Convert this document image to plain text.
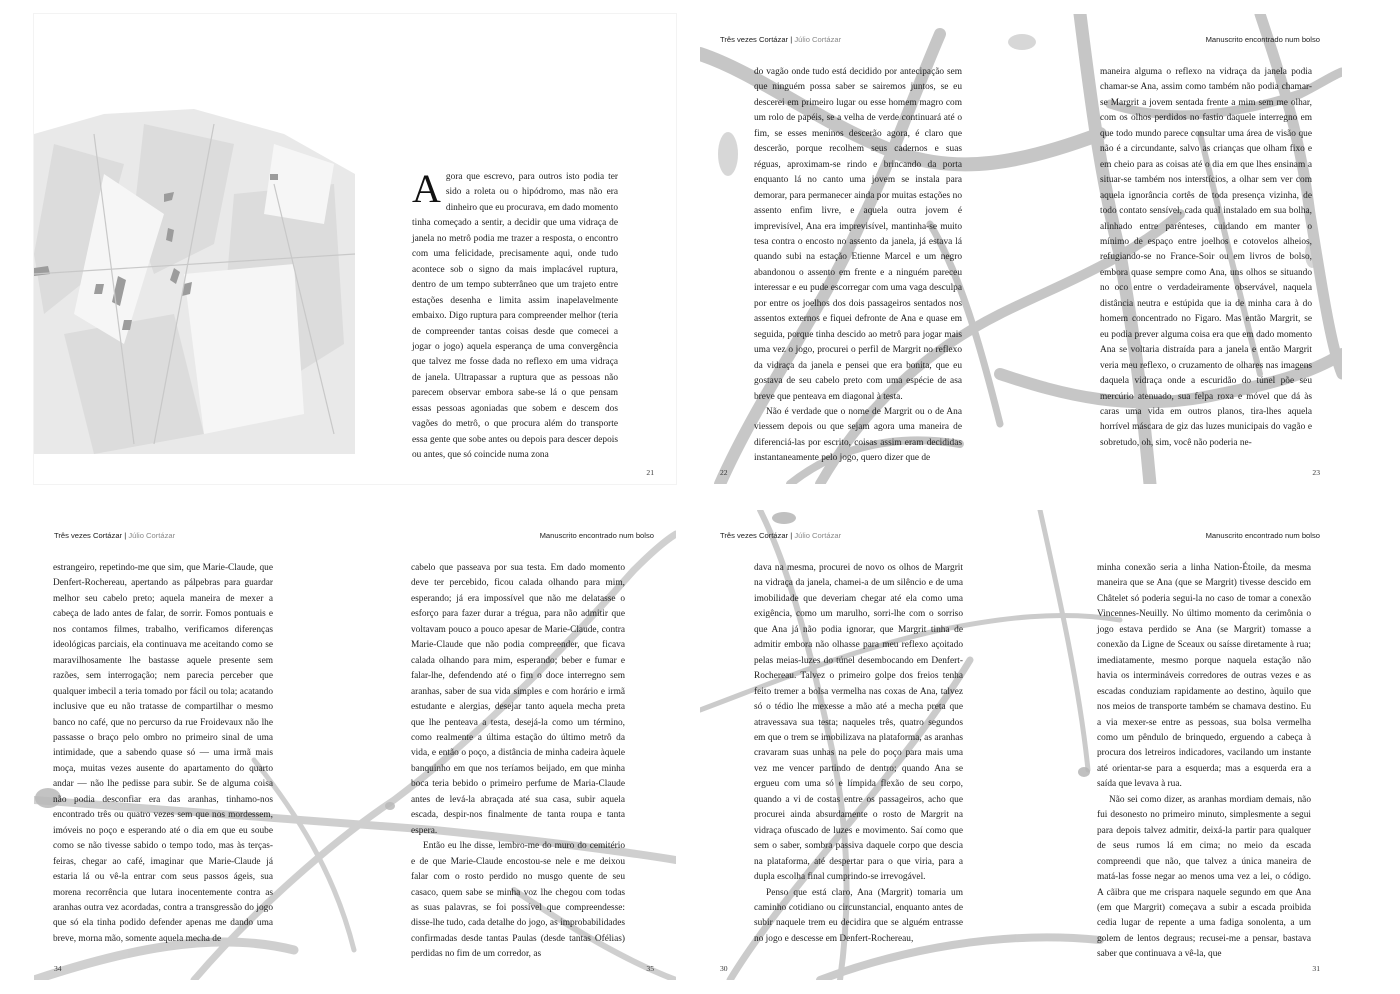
Agora que escrevo, para outros isto podia ter sido a roleta ou o hipódromo, mas não era dinheiro que eu procurava, em dado momento tinha começado a sentir, a decidir que uma vidraça de janela no metrô podia me trazer a resposta, o encontro com uma felicidade, precisamente aqui, onde tudo acontece sob o signo da mais implacável ruptura, dentro de um tempo subterrâneo que um trajeto entre estações desenha e limita assim inapelavelmente embaixo. Digo ruptura para compreender melhor (teria de compreender tantas coisas desde que comecei a jogar o jogo) aquela esperança de uma convergência que talvez me fosse dada no reflexo em uma vidraça de janela. Ultrapassar a ruptura que as pessoas não parecem observar embora sabe-se lá o que pensam essas pessoas agoniadas que sobem e descem dos vagões do metrô, o que procura além do transporte essa gente que sobe antes ou depois para descer depois ou antes, que só coincide numa zona

21
Três vezes Cortázar | Júlio Cortázar	Manuscrito encontrado num bolso

do vagão onde tudo está decidido por antecipação sem que ninguém possa saber se sairemos juntos, se eu descerei em primeiro lugar ou esse homem magro com um rolo de papéis, se a velha de verde continuará até o fim, se esses meninos descerão agora, é claro que descerão, porque recolhem seus cadernos e suas réguas, aproximam-se rindo e brincando da porta enquanto lá no canto uma jovem se instala para demorar, para permanecer ainda por muitas estações no assento enfim livre, e aquela outra jovem é imprevisível, Ana era imprevisível, mantinha-se muito tesa contra o encosto no assento da janela, já estava lá quando subi na estação Etienne Marcel e um negro abandonou o assento em frente e a ninguém pareceu interessar e eu pude escorregar com uma vaga desculpa por entre os joelhos dos dois passageiros sentados nos assentos externos e fiquei defronte de Ana e quase em seguida, porque tinha descido ao metrô para jogar mais uma vez o jogo, procurei o perfil de Margrit no reflexo da vidraça da janela e pensei que era bonita, que eu gostava de seu cabelo preto com uma espécie de asa breve que penteava em diagonal à testa.

Não é verdade que o nome de Margrit ou o de Ana viessem depois ou que sejam agora uma maneira de diferenciá-las por escrito, coisas assim eram decididas instantaneamente pelo jogo, quero dizer que de

maneira alguma o reflexo na vidraça da janela podia chamar-se Ana, assim como também não podia chamar-se Margrit a jovem sentada frente a mim sem me olhar, com os olhos perdidos no fastio daquele interregno em que todo mundo parece consultar uma área de visão que não é a circundante, salvo as crianças que olham fixo e em cheio para as coisas até o dia em que lhes ensinam a situar-se também nos interstícios, a olhar sem ver com aquela ignorância cortês de toda presença vizinha, de todo contato sensível, cada qual instalado em sua bolha, alinhado entre parênteses, cuidando em manter o mínimo de espaço entre joelhos e cotovelos alheios, refugiando-se no France-Soir ou em livros de bolso, embora quase sempre como Ana, uns olhos se situando no oco entre o verdadeiramente observável, naquela distância neutra e estúpida que ia de minha cara à do homem concentrado no Figaro. Mas então Margrit, se eu podia prever alguma coisa era que em dado momento Ana se voltaria distraída para a janela e então Margrit veria meu reflexo, o cruzamento de olhares nas imagens daquela vidraça onde a escuridão do túnel põe seu mercúrio atenuado, sua felpa roxa e móvel que dá às caras uma vida em outros planos, tira-lhes aquela horrível máscara de giz das luzes municipais do vagão e sobretudo, oh, sim, você não poderia ne-

22	23
Três vezes Cortázar | Júlio Cortázar	Manuscrito encontrado num bolso

estrangeiro, repetindo-me que sim, que Marie-Claude, que Denfert-Rochereau, apertando as pálpebras para guardar melhor seu cabelo preto; aquela maneira de mexer a cabeça de lado antes de falar, de sorrir. Fomos pontuais e nos contamos filmes, trabalho, verificamos diferenças ideológicas parciais, ela continuava me aceitando como se maravilhosamente lhe bastasse aquele presente sem razões, sem interrogação; nem parecia perceber que qualquer imbecil a teria tomado por fácil ou tola; acatando inclusive que eu não tratasse de compartilhar o mesmo banco no café, que no percurso da rue Froidevaux não lhe passasse o braço pelo ombro no primeiro sinal de uma intimidade, que a sabendo quase só — uma irmã mais moça, muitas vezes ausente do apartamento do quarto andar — não lhe pedisse para subir. Se de alguma coisa não podia desconfiar era das aranhas, tinhamo-nos encontrado três ou quatro vezes sem que nos mordessem, imóveis no poço e esperando até o dia em que eu soube como se não tivesse sabido o tempo todo, mas às terças-feiras, chegar ao café, imaginar que Marie-Claude já estaria lá ou vê-la entrar com seus passos ágeis, sua morena recorrência que lutara inocentemente contra as aranhas outra vez acordadas, contra a transgressão do jogo que só ela tinha podido defender apenas me dando uma breve, morna mão, somente aquela mecha de

cabelo que passeava por sua testa. Em dado momento deve ter percebido, ficou calada olhando para mim, esperando; já era impossível que não me delatasse o esforço para fazer durar a trégua, para não admitir que voltavam pouco a pouco apesar de Marie-Claude, contra Marie-Claude que não podia compreender, que ficava calada olhando para mim, esperando; beber e fumar e falar-lhe, defendendo até o fim o doce interregno sem aranhas, saber de sua vida simples e com horário e irmã estudante e alergias, desejar tanto aquela mecha preta que lhe penteava a testa, desejá-la como um término, como realmente a última estação do último metrô da vida, e então o poço, a distância de minha cadeira àquele banquinho em que nos teríamos beijado, em que minha boca teria bebido o primeiro perfume de Maria-Claude antes de levá-la abraçada até sua casa, subir aquela escada, despir-nos finalmente de tanta roupa e tanta espera.

Então eu lhe disse, lembro-me do muro do cemitério e de que Marie-Claude encostou-se nele e me deixou falar com o rosto perdido no musgo quente de seu casaco, quem sabe se minha voz lhe chegou com todas as suas palavras, se foi possível que compreendesse: disse-lhe tudo, cada detalhe do jogo, as improbabilidades confirmadas desde tantas Paulas (desde tantas Ofélias) perdidas no fim de um corredor, as

34	35
Três vezes Cortázar | Júlio Cortázar	Manuscrito encontrado num bolso

dava na mesma, procurei de novo os olhos de Margrit na vidraça da janela, chamei-a de um silêncio e de uma imobilidade que deveriam chegar até ela como uma exigência, como um marulho, sorri-lhe com o sorriso que Ana já não podia ignorar, que Margrit tinha de admitir embora não olhasse para meu reflexo açoitado pelas meias-luzes do túnel desembocando em Denfert-Rochereau. Talvez o primeiro golpe dos freios tenha feito tremer a bolsa vermelha nas coxas de Ana, talvez só o tédio lhe mexesse a mão até a mecha preta que atravessava sua testa; naqueles três, quatro segundos em que o trem se imobilizava na plataforma, as aranhas cravaram suas unhas na pele do poço para mais uma vez me vencer partindo de dentro; quando Ana se ergueu com uma só e límpida flexão de seu corpo, quando a vi de costas entre os passageiros, acho que procurei ainda absurdamente o rosto de Margrit na vidraça ofuscado de luzes e movimento. Saí como que sem o saber, sombra passiva daquele corpo que descia na plataforma, até despertar para o que viria, para a dupla escolha final cumprindo-se irrevogável.

Penso que está claro, Ana (Margrit) tomaria um caminho cotidiano ou circunstancial, enquanto antes de subir naquele trem eu decidira que se alguém entrasse no jogo e descesse em Denfert-Rochereau,

minha conexão seria a linha Nation-Étoile, da mesma maneira que se Ana (que se Margrit) tivesse descido em Châtelet só poderia segui-la no caso de tomar a conexão Vincennes-Neuilly. No último momento da cerimônia o jogo estava perdido se Ana (se Margrit) tomasse a conexão da Ligne de Sceaux ou saísse diretamente à rua; imediatamente, mesmo porque naquela estação não havia os intermináveis corredores de outras vezes e as escadas conduziam rapidamente ao destino, àquilo que nos meios de transporte também se chamava destino. Eu a via mexer-se entre as pessoas, sua bolsa vermelha como um pêndulo de brinquedo, erguendo a cabeça à procura dos letreiros indicadores, vacilando um instante até orientar-se para a esquerda; mas a esquerda era a saída que levava à rua.

Não sei como dizer, as aranhas mordiam demais, não fui desonesto no primeiro minuto, simplesmente a segui para depois talvez admitir, deixá-la partir para qualquer de seus rumos lá em cima; no meio da escada compreendi que não, que talvez a única maneira de matá-las fosse negar ao menos uma vez a lei, o código. A cãibra que me crispara naquele segundo em que Ana (em que Margrit) começava a subir a escada proibida cedia lugar de repente a uma fadiga sonolenta, a um golem de lentos degraus; recusei-me a pensar, bastava saber que continuava a vê-la, que

30	31
